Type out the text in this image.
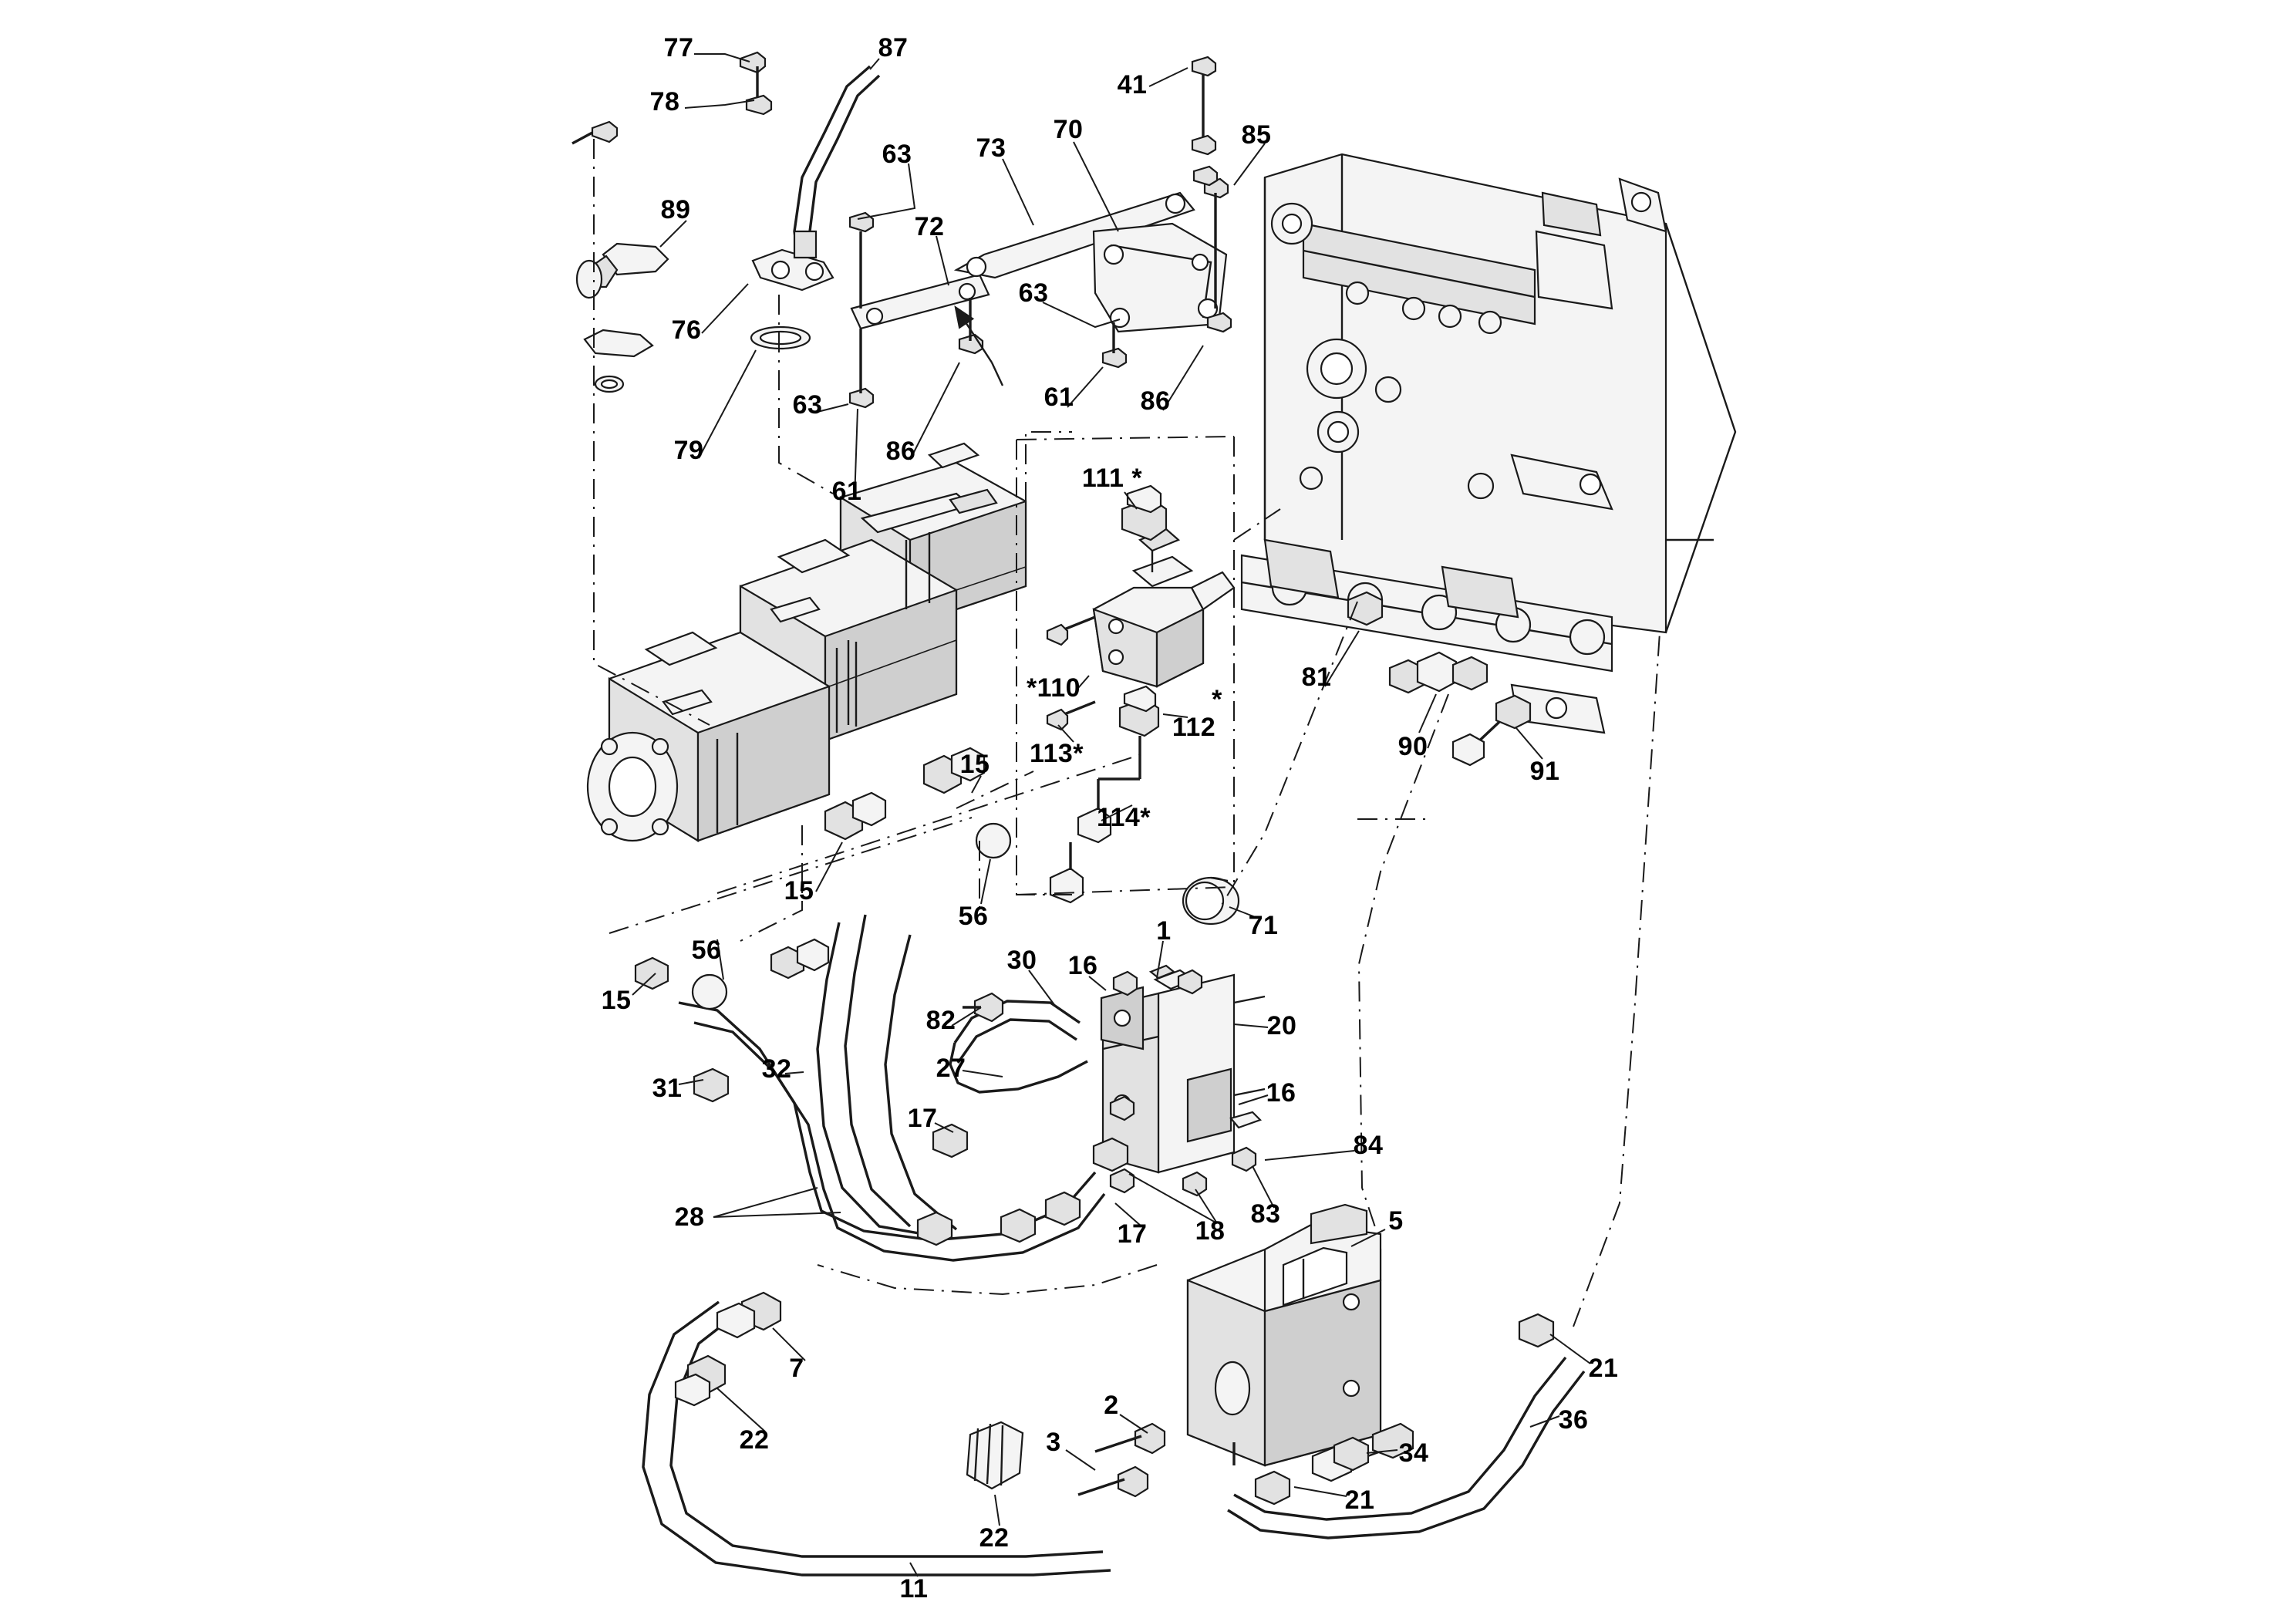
77	87
41
78
70	85
73
63
89
72
63
76
61	86
63
79	86
61	111 *
81
90
91
*110	*
112
113*
15
114*
15
56
56
71
1
30 16
15
82	20
27
32
31	16
17
84
28	83
18
17	5
7	21
36
2
22	3	34
21
22
11
